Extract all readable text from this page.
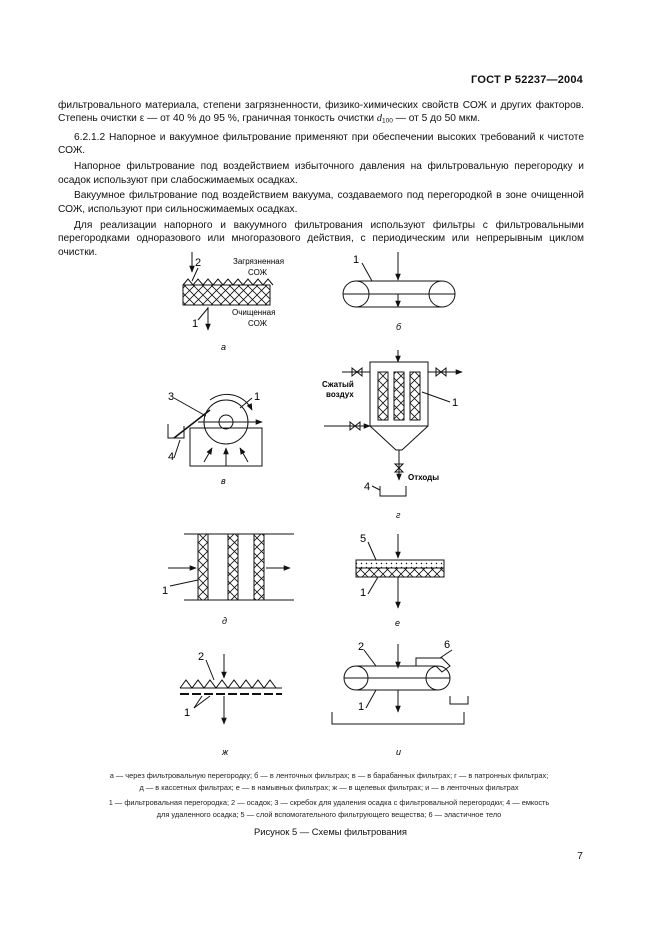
ГОСТ Р 52237—2004

фильтровального материала, степени загрязненности, физико-химических свойств СОЖ и других факторов. Степень очистки ε — от 40 % до 95 %, граничная тонкость очистки $d_{100}$ — от 5 до 50 мкм.

6.2.1.2 Напорное и вакуумное фильтрование применяют при обеспечении высоких требований к чистоте СОЖ.

Напорное фильтрование под воздействием избыточного давления на фильтровальную перегородку и осадок используют при слабосжимаемых осадках.

Вакуумное фильтрование под воздействием вакуума, создаваемого под перегородкой в зоне очищенной СОЖ, используют при сильносжимаемых осадках.

Для реализации напорного и вакуумного фильтрования используют фильтры с фильтровальными перегородками одноразового или многоразового действия, с периодическим или непрерывным циклом очистки.

2
1
Загрязненная
СОЖ
Очищенная
СОЖ
а
1
б
3	1
4
в
Сжатый
воздух
Отходы
1
4
г
1
д
5
1
е
2
1
ж
2	6
1
и

а — через фильтровальную перегородку; б — в ленточных фильтрах; в — в барабанных фильтрах; г — в патронных фильтрах;

д — в кассетных фильтрах; е — в намывных фильтрах; ж — в щелевых фильтрах; и — в ленточных фильтрах

1 — фильтровальная перегородка; 2 — осадок; 3 — скребок для удаления осадка с фильтровальной перегородки; 4 — емкость

для удаленного осадка; 5 — слой вспомогательного фильтрующего вещества; 6 — эластичное тело

Рисунок 5 — Схемы фильтрования
7
